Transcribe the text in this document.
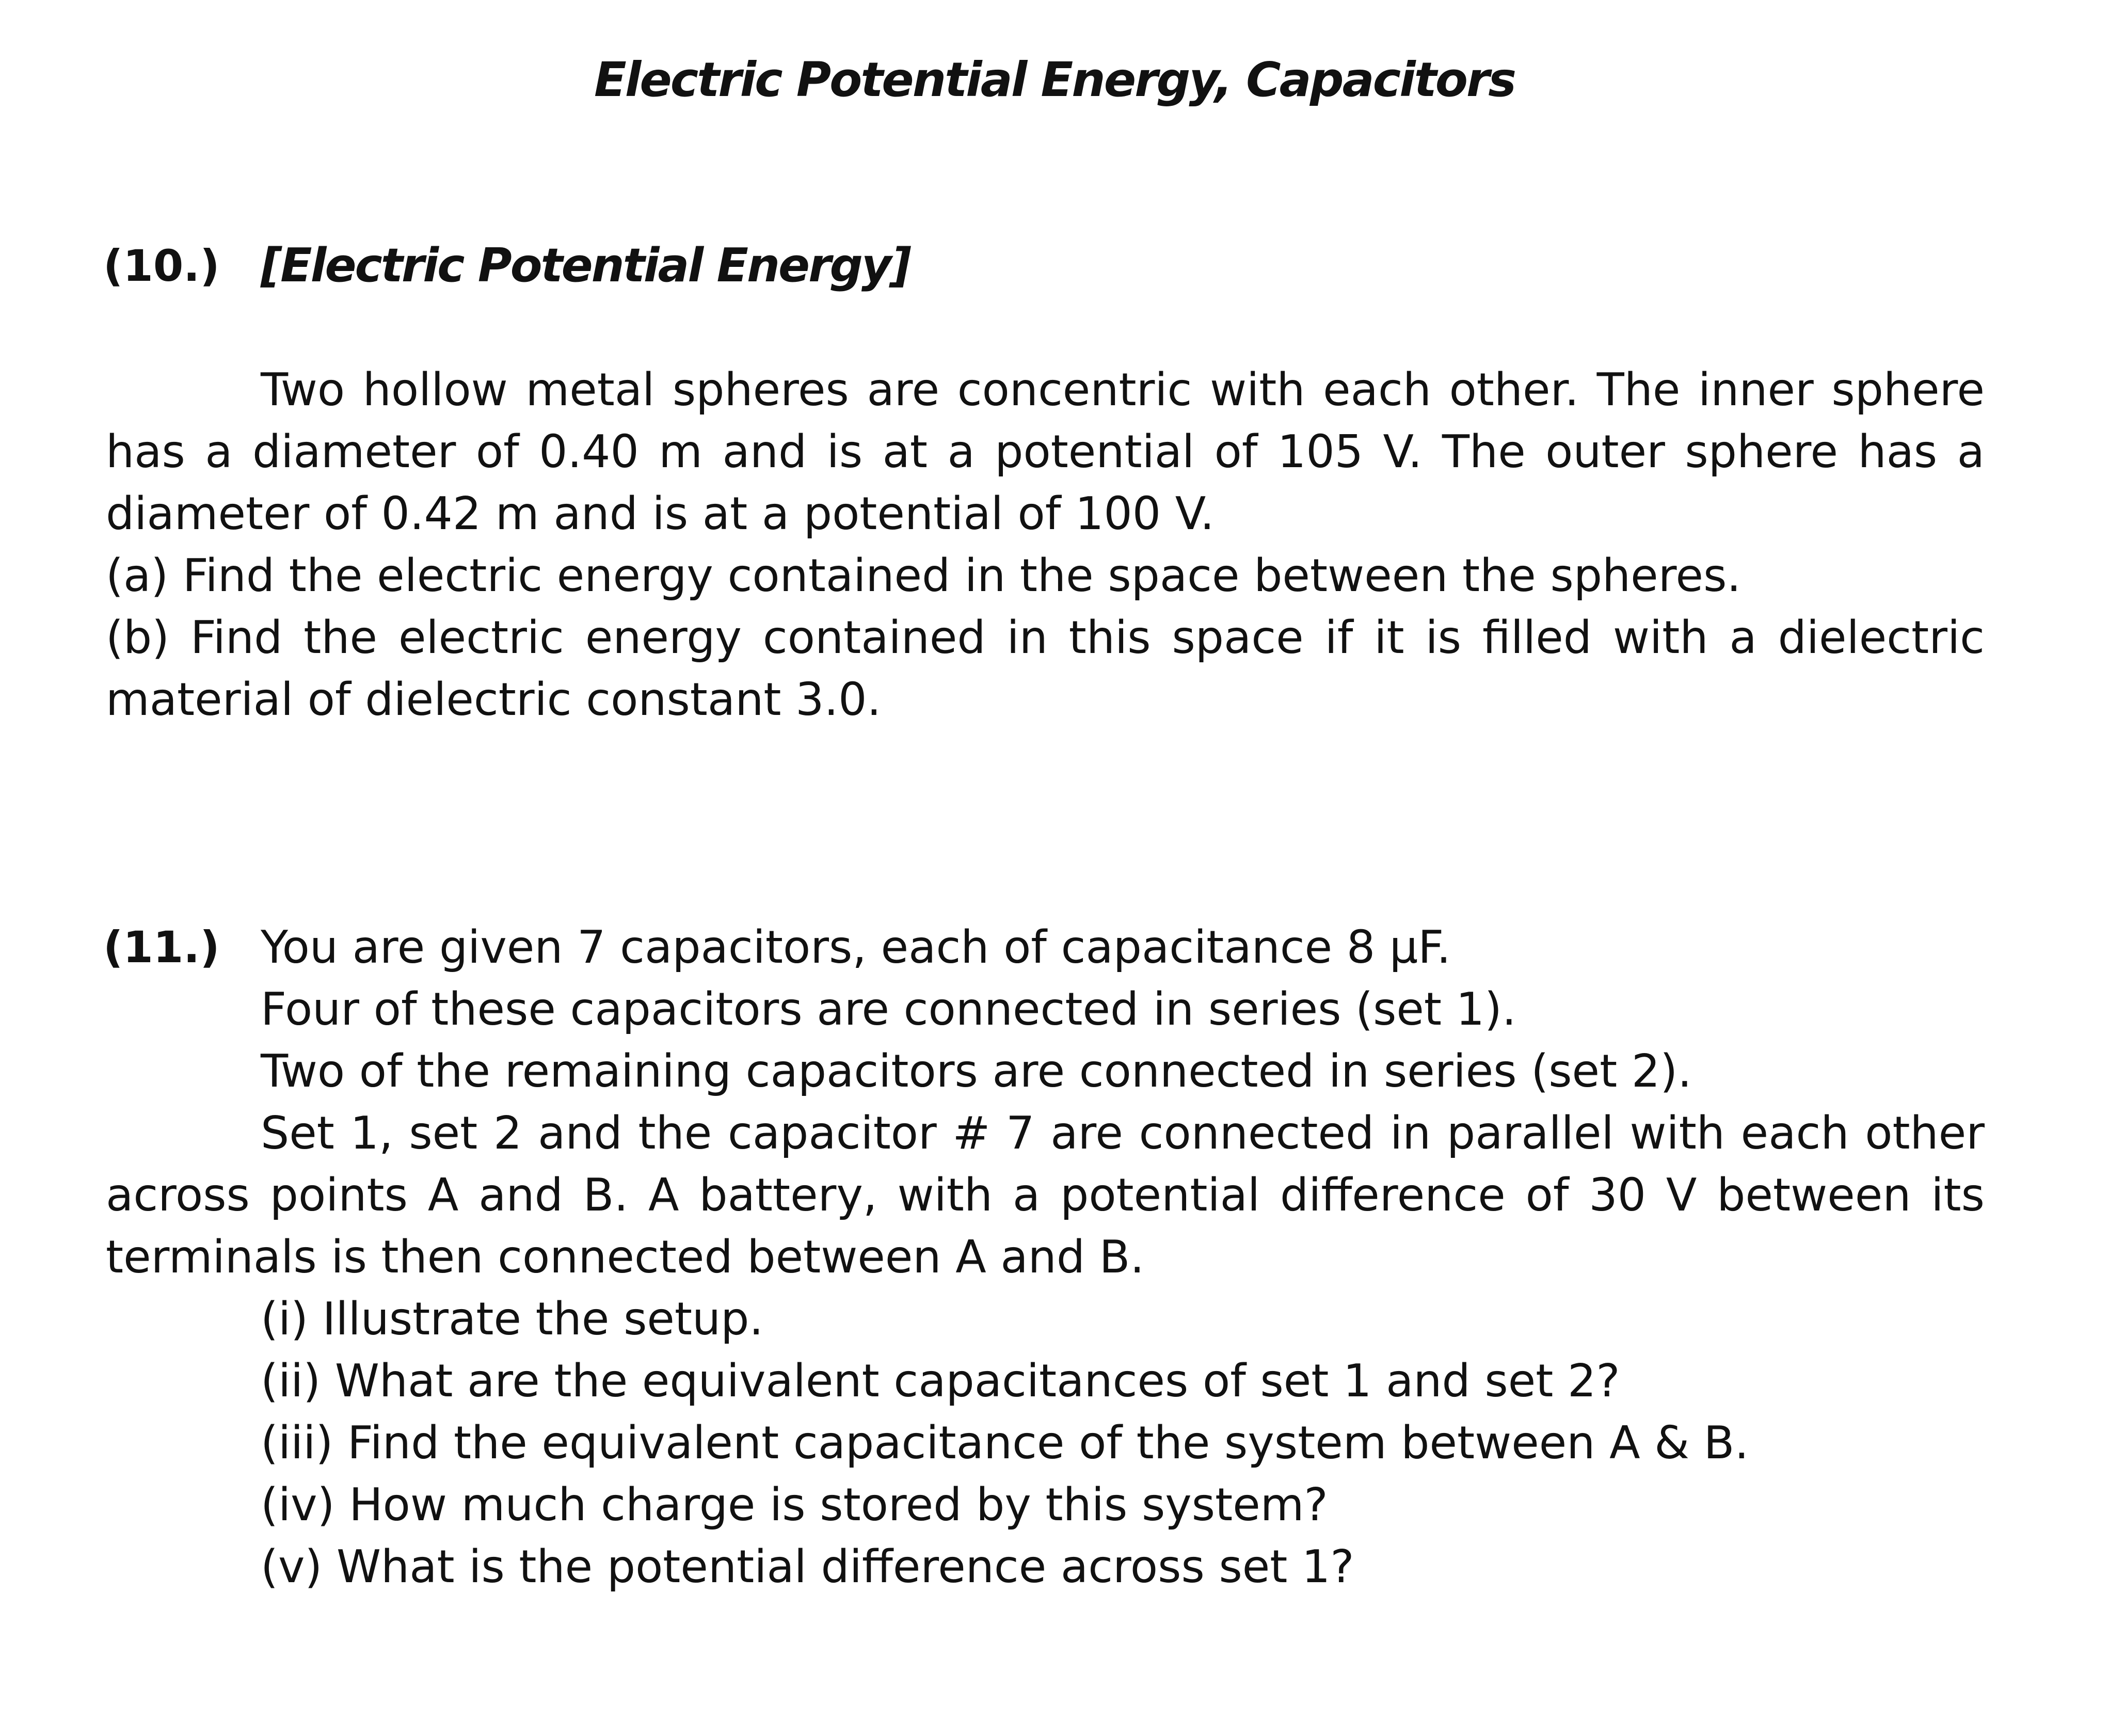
Electric Potential Energy, Capacitors
(10.) [Electric Potential Energy]

Two hollow metal spheres are concentric with each other. The inner sphere has a diameter of 0.40 m and is at a potential of 105 V. The outer sphere has a diameter of 0.42 m and is at a potential of 100 V.

(a) Find the electric energy contained in the space between the spheres.

(b) Find the electric energy contained in this space if it is filled with a dielectric material of dielectric constant 3.0.

(11.) You are given 7 capacitors, each of capacitance 8 µF.
Four of these capacitors are connected in series (set 1).
Two of the remaining capacitors are connected in series (set 2).

Set 1, set 2 and the capacitor # 7 are connected in parallel with each other across points A and B. A battery, with a potential difference of 30 V between its terminals is then connected between A and B.

(i) Illustrate the setup.
(ii) What are the equivalent capacitances of set 1 and set 2?
(iii) Find the equivalent capacitance of the system between A & B.
(iv) How much charge is stored by this system?
(v) What is the potential difference across set 1?
